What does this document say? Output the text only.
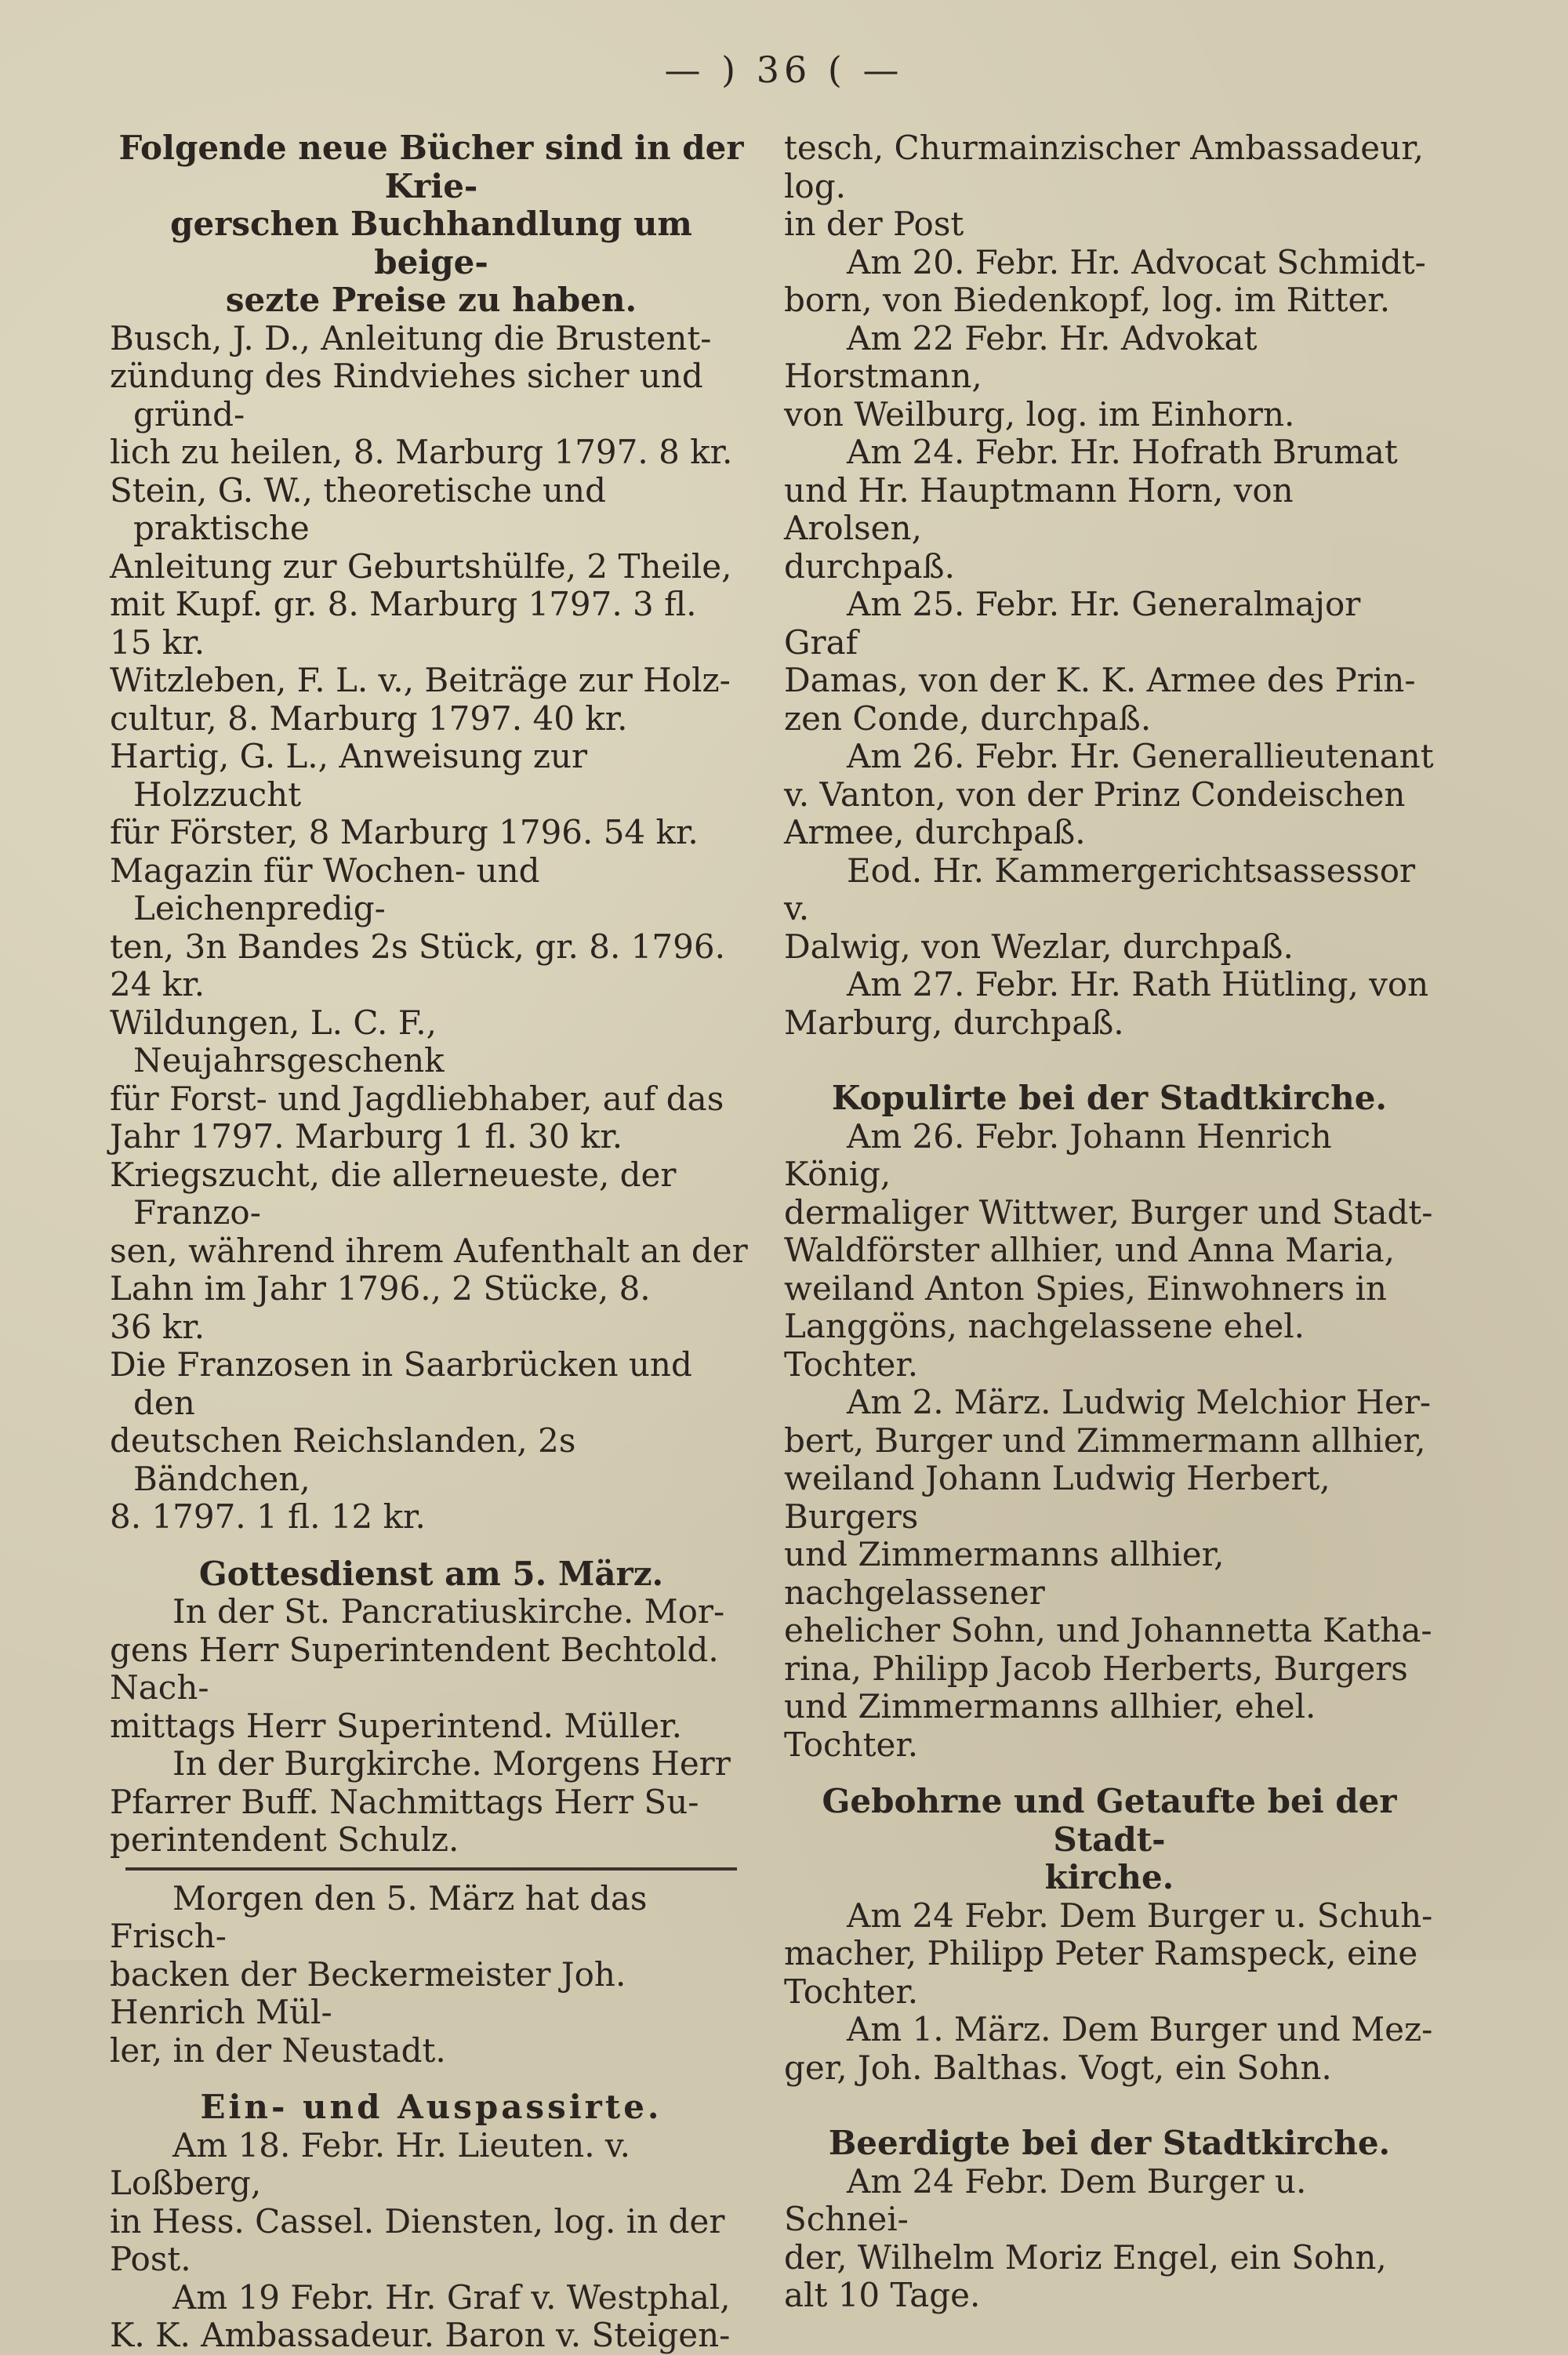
— ) 36 ( —
Folgende neue Bücher sind in der Krie-
gerschen Buchhandlung um beige-
sezte Preise zu haben.
Busch, J. D., Anleitung die Brustent-
zündung des Rindviehes sicher und gründ-
lich zu heilen, 8. Marburg 1797. 8 kr.
Stein, G. W., theoretische und praktische
Anleitung zur Geburtshülfe, 2 Theile,
mit Kupf. gr. 8. Marburg 1797. 3 fl.
15 kr.
Witzleben, F. L. v., Beiträge zur Holz-
cultur, 8. Marburg 1797. 40 kr.
Hartig, G. L., Anweisung zur Holzzucht
für Förster, 8 Marburg 1796. 54 kr.
Magazin für Wochen- und Leichenpredig-
ten, 3n Bandes 2s Stück, gr. 8. 1796.
24 kr.
Wildungen, L. C. F., Neujahrsgeschenk
für Forst- und Jagdliebhaber, auf das
Jahr 1797. Marburg 1 fl. 30 kr.
Kriegszucht, die allerneueste, der Franzo-
sen, während ihrem Aufenthalt an der
Lahn im Jahr 1796., 2 Stücke, 8.
36 kr.
Die Franzosen in Saarbrücken und den
deutschen Reichslanden, 2s Bändchen,
8. 1797. 1 fl. 12 kr.
Gottesdienst am 5. März.
In der St. Pancratiuskirche. Mor-
gens Herr Superintendent Bechtold. Nach-
mittags Herr Superintend. Müller.
In der Burgkirche. Morgens Herr
Pfarrer Buff. Nachmittags Herr Su-
perintendent Schulz.
Morgen den 5. März hat das Frisch-
backen der Beckermeister Joh. Henrich Mül-
ler, in der Neustadt.
Ein- und Auspassirte.
Am 18. Febr. Hr. Lieuten. v. Loßberg,
in Hess. Cassel. Diensten, log. in der Post.
Am 19 Febr. Hr. Graf v. Westphal,
K. K. Ambassadeur. Baron v. Steigen-
tesch, Churmainzischer Ambassadeur, log.
in der Post
Am 20. Febr. Hr. Advocat Schmidt-
born, von Biedenkopf, log. im Ritter.
Am 22 Febr. Hr. Advokat Horstmann,
von Weilburg, log. im Einhorn.
Am 24. Febr. Hr. Hofrath Brumat
und Hr. Hauptmann Horn, von Arolsen,
durchpaß.
Am 25. Febr. Hr. Generalmajor Graf
Damas, von der K. K. Armee des Prin-
zen Conde, durchpaß.
Am 26. Febr. Hr. Generallieutenant
v. Vanton, von der Prinz Condeischen
Armee, durchpaß.
Eod. Hr. Kammergerichtsassessor v.
Dalwig, von Wezlar, durchpaß.
Am 27. Febr. Hr. Rath Hütling, von
Marburg, durchpaß.
Kopulirte bei der Stadtkirche.
Am 26. Febr. Johann Henrich König,
dermaliger Wittwer, Burger und Stadt-
Waldförster allhier, und Anna Maria,
weiland Anton Spies, Einwohners in
Langgöns, nachgelassene ehel. Tochter.
Am 2. März. Ludwig Melchior Her-
bert, Burger und Zimmermann allhier,
weiland Johann Ludwig Herbert, Burgers
und Zimmermanns allhier, nachgelassener
ehelicher Sohn, und Johannetta Katha-
rina, Philipp Jacob Herberts, Burgers
und Zimmermanns allhier, ehel. Tochter.
Gebohrne und Getaufte bei der Stadt-
kirche.
Am 24 Febr. Dem Burger u. Schuh-
macher, Philipp Peter Ramspeck, eine
Tochter.
Am 1. März. Dem Burger und Mez-
ger, Joh. Balthas. Vogt, ein Sohn.
Beerdigte bei der Stadtkirche.
Am 24 Febr. Dem Burger u. Schnei-
der, Wilhelm Moriz Engel, ein Sohn,
alt 10 Tage.
